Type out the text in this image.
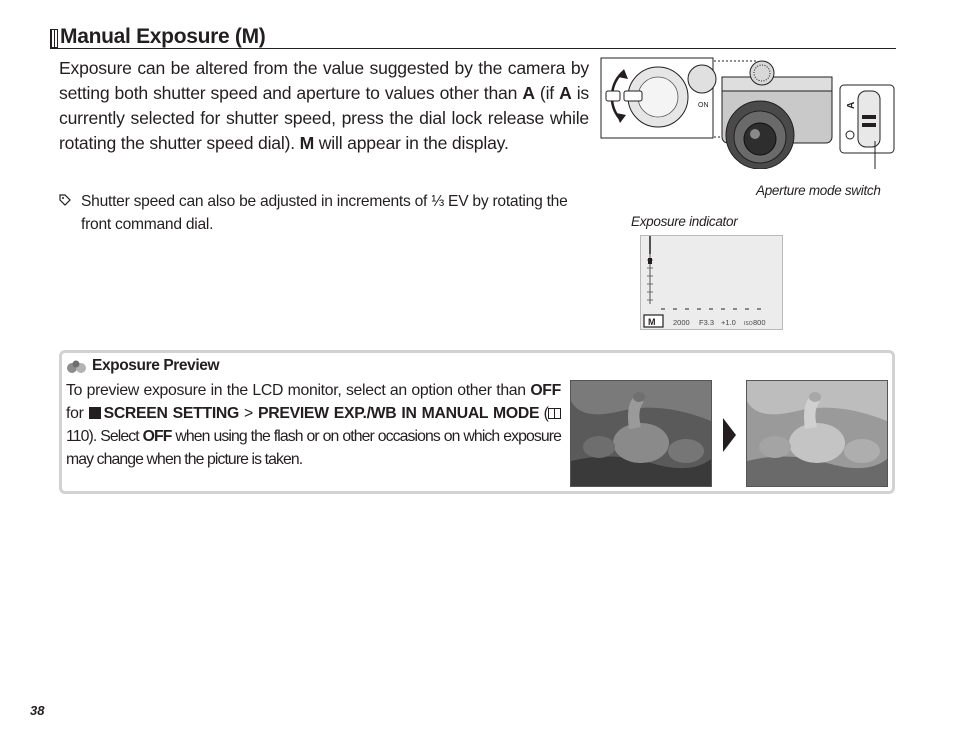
Manual Exposure (M)
Exposure can be altered from the value suggested by the camera by setting both shutter speed and aperture to values other than A (if A is currently selected for shutter speed, press the dial lock release while rotating the shutter speed dial). M will appear in the display.
Shutter speed can also be adjusted in increments of ⅓ EV by rotating the front command dial.
ON	A
Aperture mode switch
Exposure indicator
M 2000 F3.3 +1.0 ISO 800
Exposure Preview
To preview exposure in the LCD monitor, select an option other than OFF for SCREEN SETTING > PREVIEW EXP./WB IN MANUAL MODE ( 110). Select OFF when using the flash or on other occasions on which exposure may change when the picture is taken.
38
